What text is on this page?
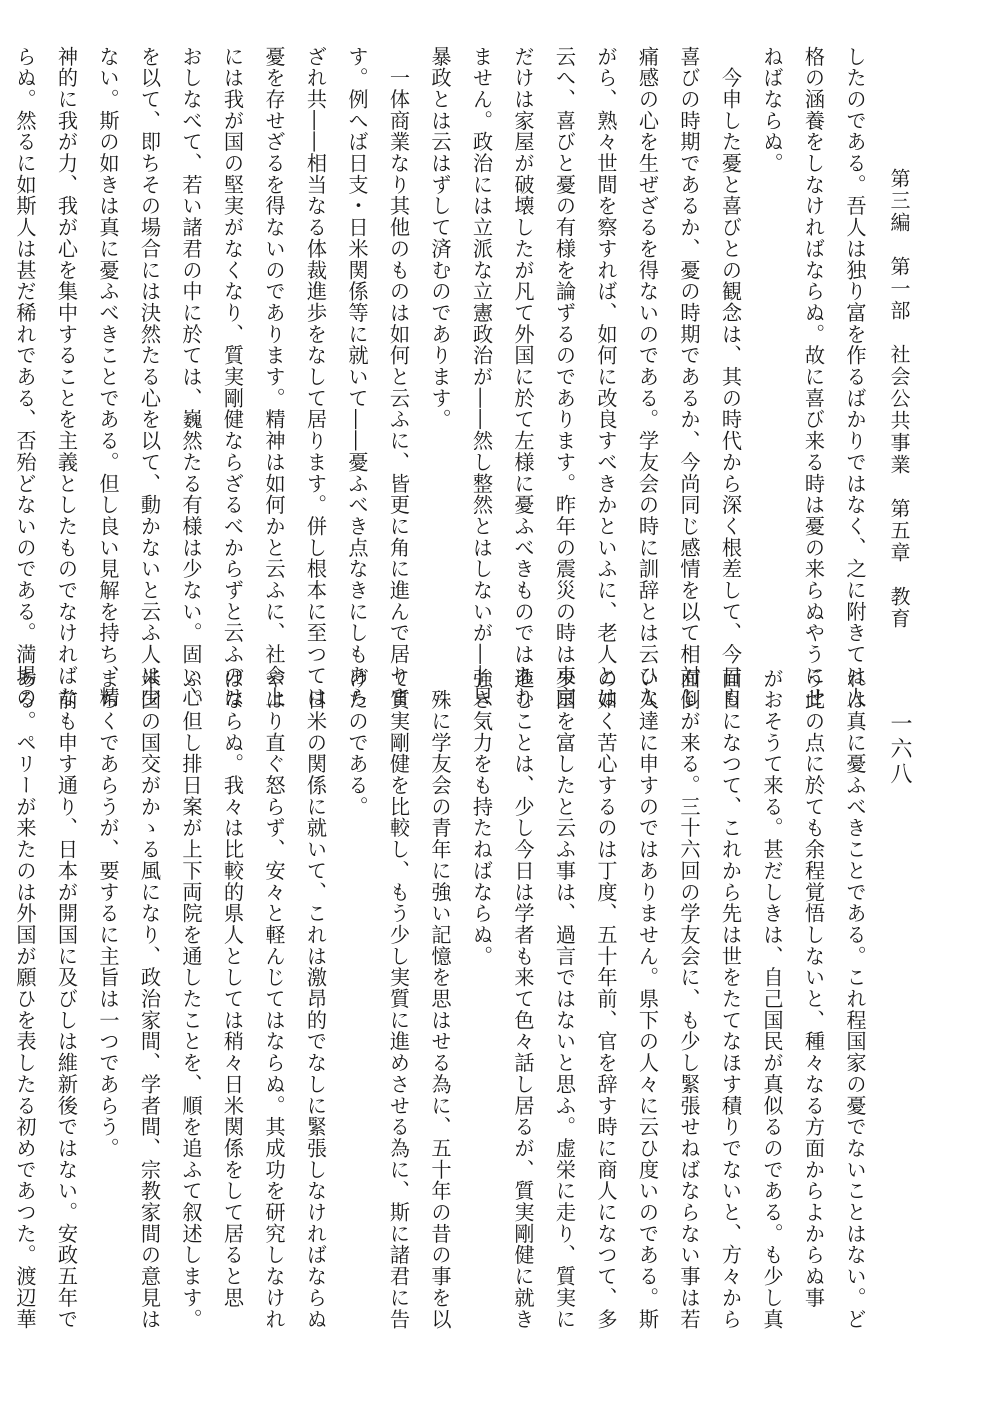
第三編　第一部　社会公共事業　第五章　教育
一六八
したのである。吾人は独り富を作るばかりではなく、之に附きては人
格の涵養をしなければならぬ。故に喜び来る時は憂の来らぬやうにせ
ねばならぬ。
　今申した憂と喜びとの観念は、其の時代から深く根差して、今日も
喜びの時期であるか、憂の時期であるか、今尚同じ感情を以て相対し
痛感の心を生ぜざるを得ないのである。学友会の時に訓辞とは云ひな
がら、熟々世間を察すれば、如何に改良すべきかといふに、老人とは
云へ、喜びと憂の有様を論ずるのであります。昨年の震災の時は東京
だけは家屋が破壊したが凡て外国に於て左様に憂ふべきものではあり
ません。政治には立派な立憲政治が――然し整然とはしないが――只
暴政とは云はずして済むのであります。
　一体商業なり其他のものは如何と云ふに、皆更に角に進んで居りま
す。例へば日支・日米関係等に就いて――憂ふべき点なきにしもあら
ざれ共――相当なる体裁進歩をなして居ります。併し根本に至つては
憂を存せざるを得ないのであります。精神は如何かと云ふに、社会上
には我が国の堅実がなくなり、質実剛健ならざるべからずと云ふのは
おしなべて、若い諸君の中に於ては、巍然たる有様は少ない。固い心
を以て、即ちその場合には決然たる心を以て、動かないと云ふ人は少
ない。斯の如きは真に憂ふべきことである。但し良い見解を持ち、精
神的に我が力、我が心を集中することを主義としたものでなければな
らぬ。然るに如斯人は甚だ稀れである、否殆どないのである。満場の
れは真に憂ふべきことである。これ程国家の憂でないことはない。ど
う此の点に於ても余程覚悟しないと、種々なる方面からよからぬ事
がおそうて来る。甚だしきは、自己国民が真似るのである。も少し真
面目になつて、これから先は世をたてなほす積りでないと、方々から
面倒が来る。三十六回の学友会に、も少し緊張せねばならない事は若
い人達に申すのではありません。県下の人々に云ひ度いのである。斯
の如く苦心するのは丁度、五十年前、官を辞す時に商人になつて、多
少国を富したと云ふ事は、過言ではないと思ふ。虚栄に走り、質実に
進むことは、少し今日は学者も来て色々話し居るが、質実剛健に就き
強き気力をも持たねばならぬ。
　殊に学友会の青年に強い記憶を思はせる為に、五十年の昔の事を以
て質実剛健を比較し、もう少し実質に進めさせる為に、斯に諸君に告
げたのである。
　日米の関係に就いて、これは激昂的でなしに緊張しなければならぬ
やはり直ぐ怒らず、安々と軽んじてはならぬ。其成功を研究しなけれ
ばならぬ。我々は比較的県人としては稍々日米関係をして居ると思
ふ。但し排日案が上下両院を通したことを、順を追ふて叙述します。
米国の国交がかゝる風になり、政治家間、学者間、宗教家間の意見は
まちくであらうが、要するに主旨は一つであらう。
　前も申す通り、日本が開国に及びしは維新後ではない。安政五年で
ある。ペリーが来たのは外国が願ひを表したる初めであつた。渡辺華
